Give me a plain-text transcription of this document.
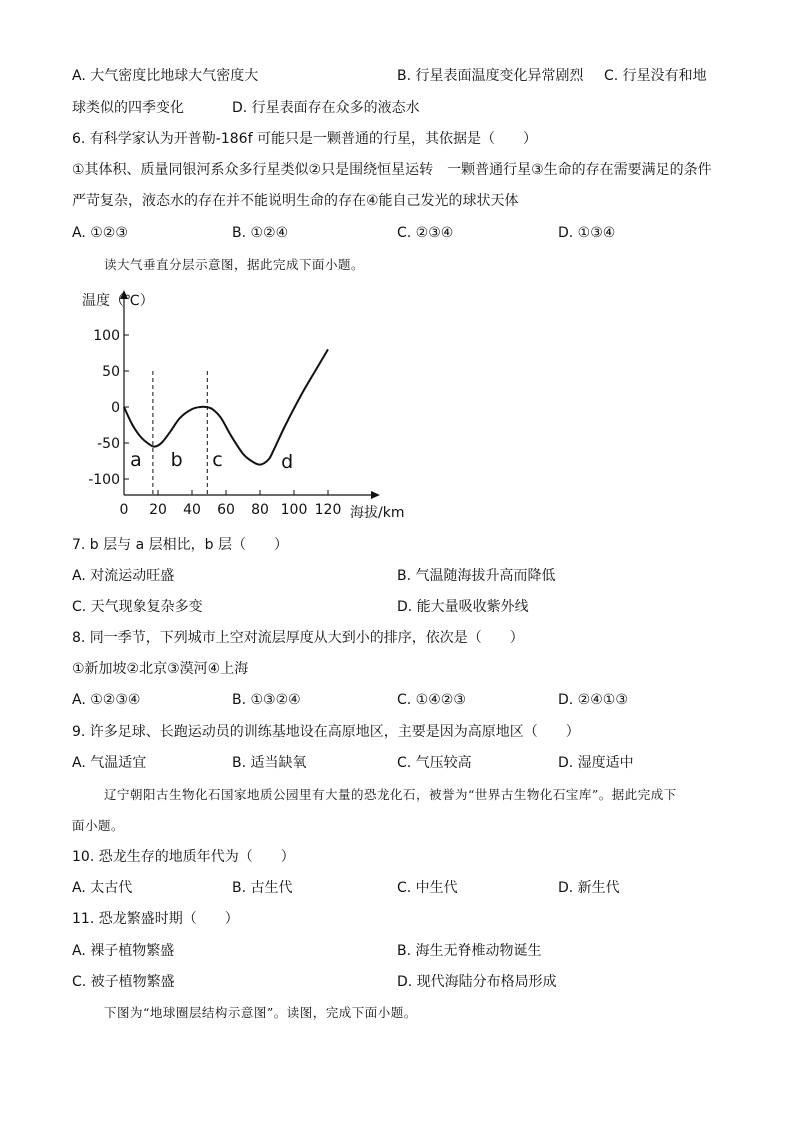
A. 大气密度比地球大气密度大	B. 行星表面温度变化异常剧烈 C. 行星没有和地
球类似的四季变化	D. 行星表面存在众多的液态水
6. 有科学家认为开普勒-186f 可能只是一颗普通的行星，其依据是（　　）
①其体积、质量同银河系众多行星类似②只是围绕恒星运转　一颗普通行星③生命的存在需要满足的条件
严苛复杂，液态水的存在并不能说明生命的存在④能自己发光的球状天体
A. ①②③	B. ①②④	C. ②③④	D. ①③④
读大气垂直分层示意图，据此完成下面小题。
温度（℃）
海拔/km
100
50
0
-50
-100
0 20 40 60 80 100 120
a b c	d
7. b 层与 a 层相比，b 层（　　）
A. 对流运动旺盛	B. 气温随海拔升高而降低
C. 天气现象复杂多变	D. 能大量吸收紫外线
8. 同一季节，下列城市上空对流层厚度从大到小的排序，依次是（　　）
①新加坡②北京③漠河④上海
A. ①②③④	B. ①③②④	C. ①④②③	D. ②④①③
9. 许多足球、长跑运动员的训练基地设在高原地区，主要是因为高原地区（　　）
A. 气温适宜	B. 适当缺氧	C. 气压较高	D. 湿度适中
辽宁朝阳古生物化石国家地质公园里有大量的恐龙化石，被誉为“世界古生物化石宝库”。据此完成下
面小题。
10. 恐龙生存的地质年代为（　　）
A. 太古代	B. 古生代	C. 中生代	D. 新生代
11. 恐龙繁盛时期（　　）
A. 裸子植物繁盛	B. 海生无脊椎动物诞生
C. 被子植物繁盛	D. 现代海陆分布格局形成
下图为“地球圈层结构示意图”。读图，完成下面小题。
